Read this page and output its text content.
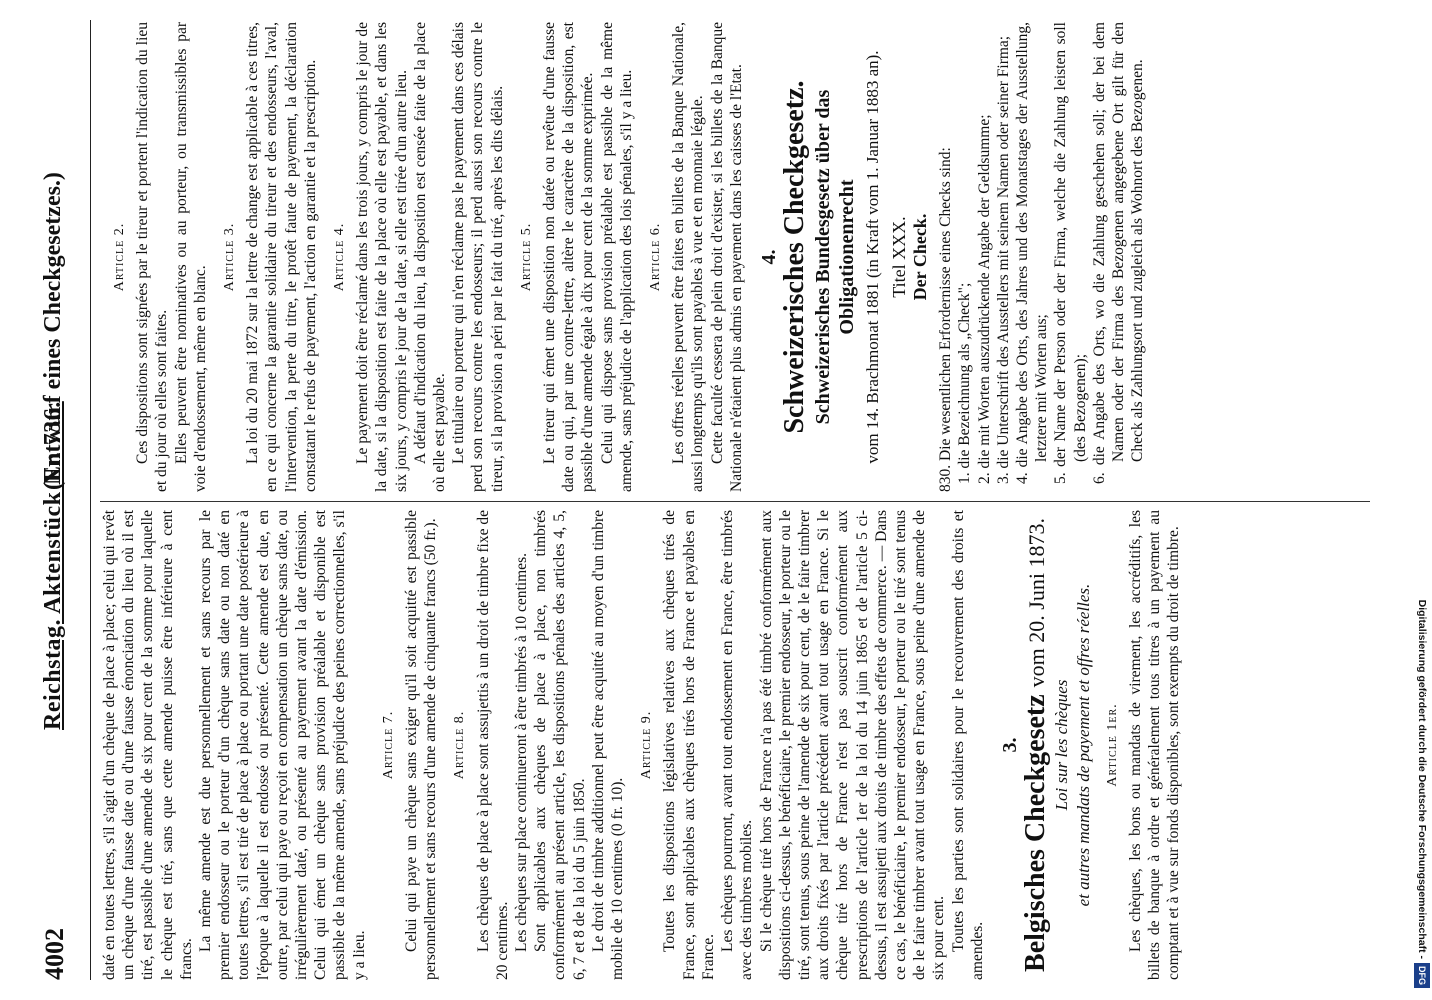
4002
Reichstag. Aktenstück Nr. 736.
(Entwurf eines Checkgesetzes.)

daté en toutes lettres, s'il s'agit d'un chèque de place à place; celui qui revêt un chèque d'une fausse date ou d'une fausse énonciation du lieu où il est tiré, est passible d'une amende de six pour cent de la somme pour laquelle le chèque est tiré, sans que cette amende puisse être inférieure à cent francs.

La même amende est due personnellement et sans recours par le premier endosseur ou le porteur d'un chèque sans date ou non daté en toutes lettres, s'il est tiré de place à place ou portant une date postérieure à l'époque à laquelle il est endossé ou présenté. Cette amende est due, en outre, par celui qui paye ou reçoit en compensation un chèque sans date, ou irrégulièrement daté, ou présenté au payement avant la date d'émission. Celui qui émet un chèque sans provision préalable et disponible est passible de la même amende, sans préjudice des peines correctionnelles, s'il y a lieu.

Article 7. Celui qui paye un chèque sans exiger qu'il soit acquitté est passible personnellement et sans recours d'une amende de cinquante francs (50 fr.). Article 8. Les chèques de place à place sont assujettis à un droit de timbre fixe de 20 centimes. Les chèques sur place continueront à être timbrés à 10 centimes. Sont applicables aux chèques de place à place, non timbrés conformément au présent article, les dispositions pénales des articles 4, 5, 6, 7 et 8 de la loi du 5 juin 1850. Le droit de timbre additionnel peut être acquitté au moyen d'un timbre mobile de 10 centimes (0 fr. 10).

Article 9. Toutes les dispositions législatives relatives aux chèques tirés de France, sont applicables aux chèques tirés hors de France et payables en France.

Les chèques pourront, avant tout endossement en France, être timbrés avec des timbres mobiles. Si le chèque tiré hors de France n'a pas été timbré conformément aux dispositions ci-dessus, le bénéficiaire, le premier endosseur, le porteur ou le tiré, sont tenus, sous peine de l'amende de six pour cent, de le faire timbrer aux droits fixés par l'article précédent avant tout usage en France. Si le chèque tiré hors de France n'est pas souscrit conformément aux prescriptions de l'article 1er de la loi du 14 juin 1865 et de l'article 5 ci-dessus, il est assujetti aux droits de timbre des effets de commerce. — Dans ce cas, le bénéficiaire, le premier endosseur, le porteur ou le tiré sont tenus de le faire timbrer avant tout usage en France, sous peine d'une amende de six pour cent. Toutes les parties sont solidaires pour le recouvrement des droits et amendes.

3. Belgisches Checkgesetz vom 20. Juni 1873.
Loi sur les chèques et autres mandats de payement et offres réelles. Article 1er. Les chèques, les bons ou mandats de virement, les accréditifs, les billets de banque à ordre et généralement tous titres à un payement au comptant et à vue sur fonds disponibles, sont exempts du droit de timbre.

Article 2. Ces dispositions sont signées par le tireur et portent l'indication du lieu et du jour où elles sont faites. Elles peuvent être nominatives ou au porteur, ou transmissibles par voie d'endossement, même en blanc.

Article 3. La loi du 20 mai 1872 sur la lettre de change est applicable à ces titres, en ce qui concerne la garantie solidaire du tireur et des endosseurs, l'aval, l'intervention, la perte du titre, le protêt faute de payement, la déclaration constatant le refus de payement, l'action en garantie et la prescription. Article 4. Le payement doit être réclamé dans les trois jours, y compris le jour de la date, si la disposition est faite de la place où elle est payable, et dans les six jours, y compris le jour de la date, si elle est tirée d'un autre lieu. A défaut d'indication du lieu, la disposition est censée faite de la place où elle est payable. Le titulaire ou porteur qui n'en réclame pas le payement dans ces délais perd son recours contre les endosseurs; il perd aussi son recours contre le tireur, si la provision a péri par le fait du tiré, après les dits délais. Article 5. Le tireur qui émet une disposition non datée ou revêtue d'une fausse date ou qui, par une contre-lettre, altère le caractère de la disposition, est passible d'une amende égale à dix pour cent de la somme exprimée. Celui qui dispose sans provision préalable est passible de la même amende, sans préjudice de l'application des lois pénales, s'il y a lieu. Article 6. Les offres réelles peuvent être faites en billets de la Banque Nationale, aussi longtemps qu'ils sont payables à vue et en monnaie légale. Cette faculté cessera de plein droit d'exister, si les billets de la Banque Nationale n'étaient plus admis en payement dans les caisses de l'Etat. 4. Schweizerisches Checkgesetz. Schweizerisches Bundesgesetz über das Obligationenrecht vom 14. Brachmonat 1881 (in Kraft vom 1. Januar 1883 an). Titel XXX. Der Check. 830. Die wesentlichen Erfordernisse eines Checks sind: 1. die Bezeichnung als „Check"; 2. die mit Worten auszudrückende Angabe der Geldsumme; 3. die Unterschrift des Ausstellers mit seinem Namen oder seiner Firma; 4. die Angabe des Orts, des Jahres und des Monatstages der Ausstellung, letztere mit Worten aus; 5. der Name der Person oder der Firma, welche die Zahlung leisten soll (des Bezogenen); 6. die Angabe des Orts, wo die Zahlung geschehen soll; der bei dem Namen oder der Firma des Bezogenen angegebene Ort gilt für den Check als Zahlungsort und zugleich als Wohnort des Bezogenen.
Digitalisierung gefördert durch die Deutsche Forschungsgemeinschaft -
DFG
